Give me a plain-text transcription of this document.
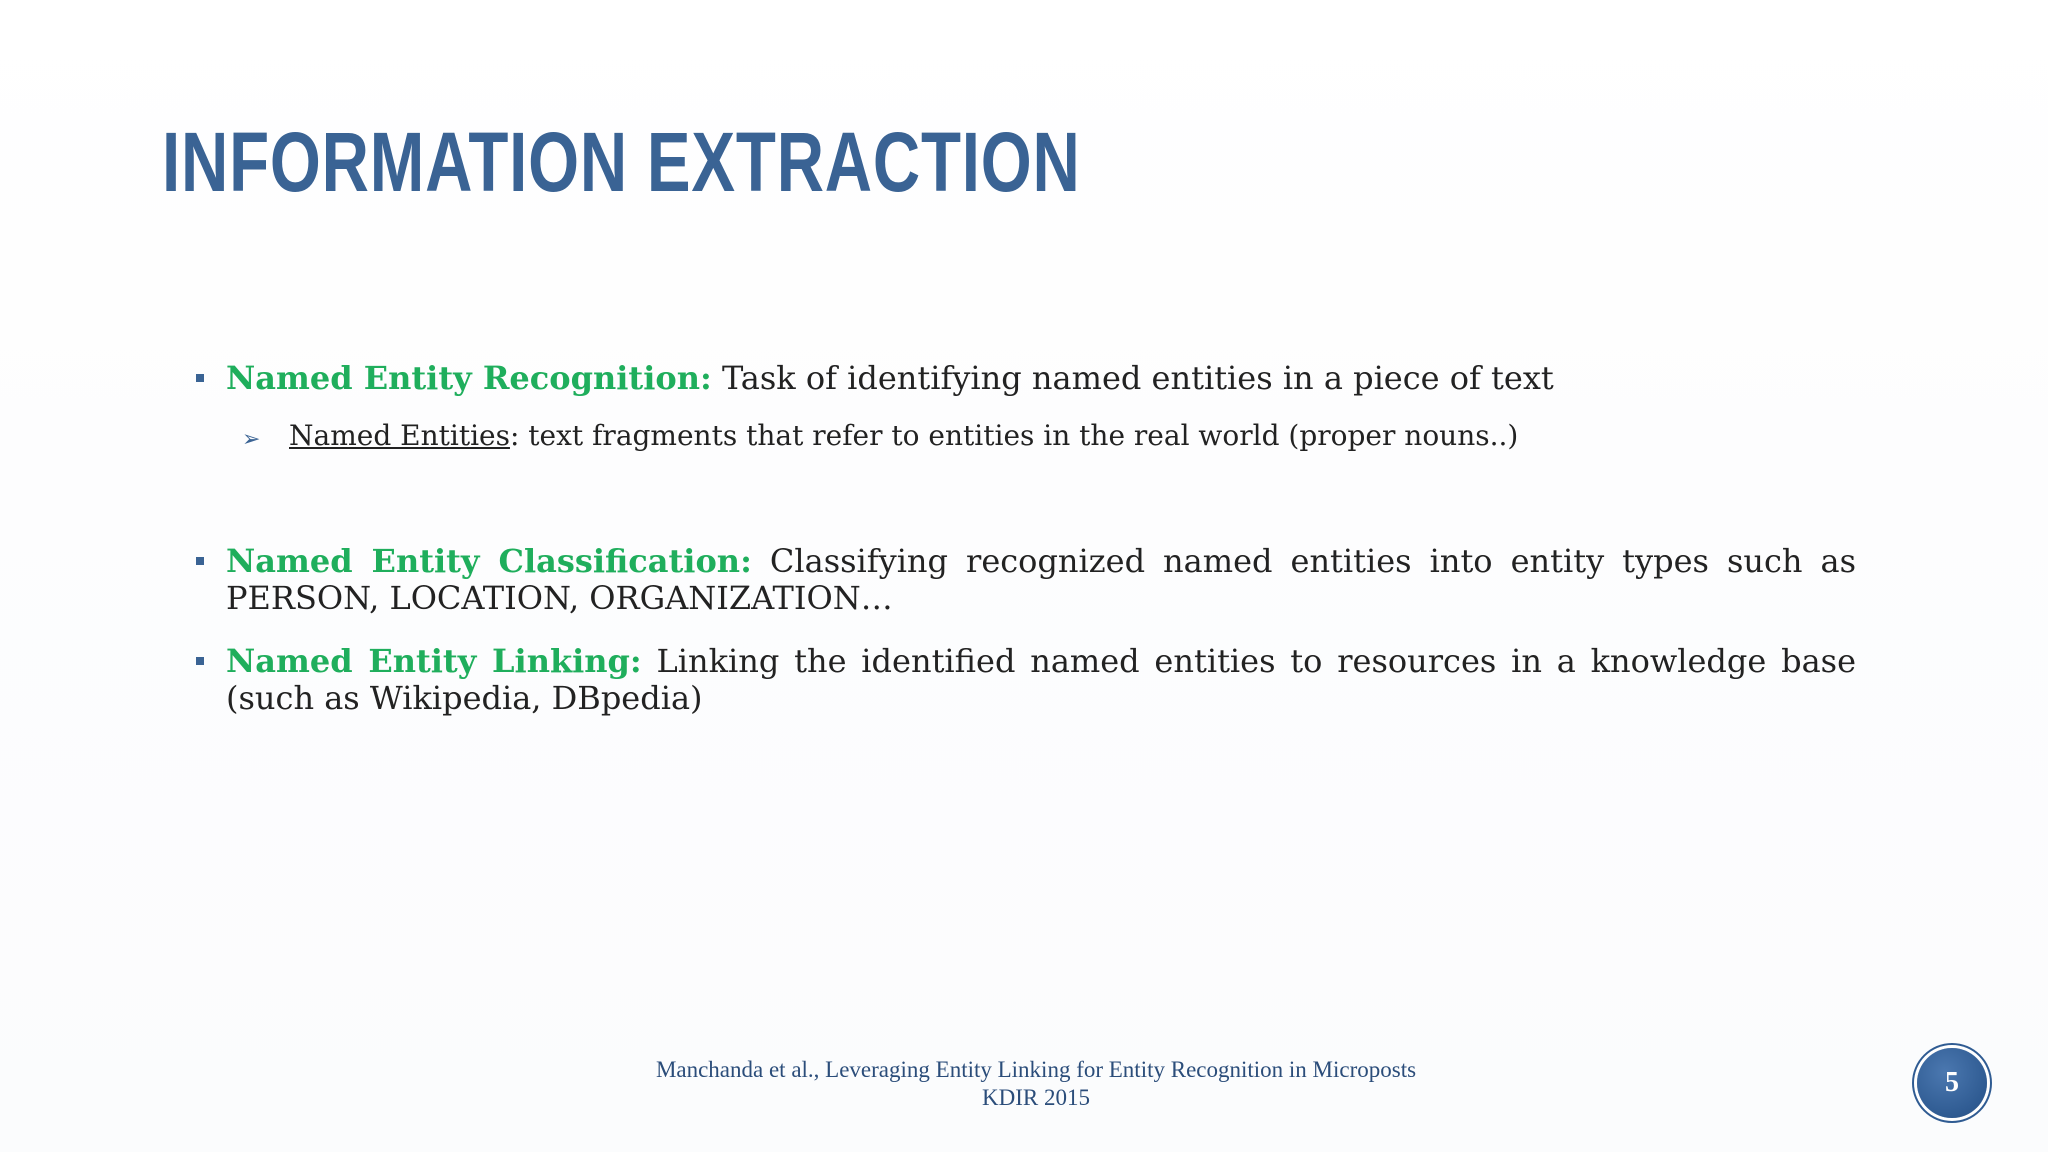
INFORMATION EXTRACTION
Named Entity Recognition: Task of identifying named entities in a piece of text
➢ Named Entities: text fragments that refer to entities in the real world (proper nouns..)
Named Entity Classification: Classifying recognized named entities into entity types such as PERSON, LOCATION, ORGANIZATION…
Named Entity Linking: Linking the identified named entities to resources in a knowledge base (such as Wikipedia, DBpedia)
Manchanda et al., Leveraging Entity Linking for Entity Recognition in Microposts
KDIR 2015	5
